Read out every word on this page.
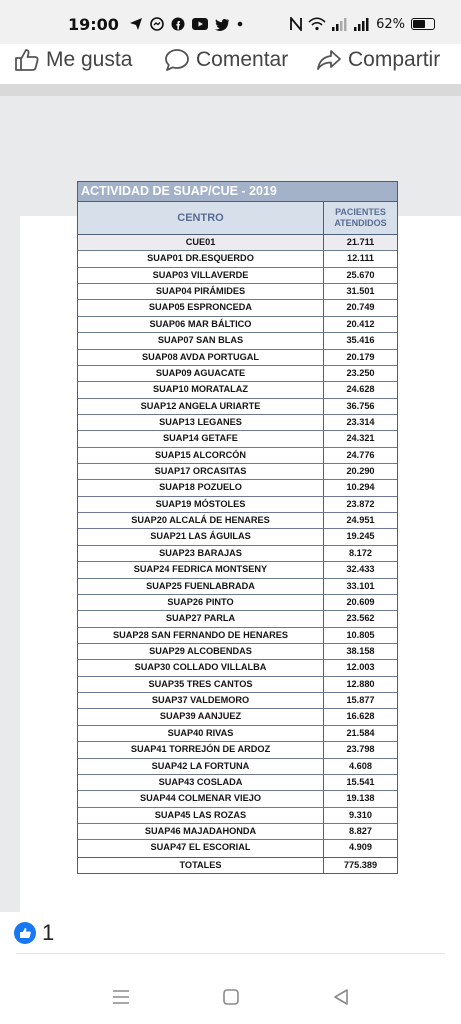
19:00	62%
Me gusta	Comentar	Compartir
ACTIVIDAD DE SUAP/CUE - 2019
CENTRO	PACIENTES
ATENDIDOS
CUE01	21.711
SUAP01 DR.ESQUERDO	12.111
SUAP03 VILLAVERDE	25.670
SUAP04 PIRÁMIDES	31.501
SUAP05 ESPRONCEDA	20.749
SUAP06 MAR BÁLTICO	20.412
SUAP07 SAN BLAS	35.416
SUAP08 AVDA PORTUGAL	20.179
SUAP09 AGUACATE	23.250
SUAP10 MORATALAZ	24.628
SUAP12 ANGELA URIARTE	36.756
SUAP13 LEGANES	23.314
SUAP14 GETAFE	24.321
SUAP15 ALCORCÓN	24.776
SUAP17 ORCASITAS	20.290
SUAP18 POZUELO	10.294
SUAP19 MÓSTOLES	23.872
SUAP20 ALCALÁ DE HENARES	24.951
SUAP21 LAS ÁGUILAS	19.245
SUAP23 BARAJAS	8.172
SUAP24 FEDRICA MONTSENY	32.433
SUAP25 FUENLABRADA	33.101
SUAP26 PINTO	20.609
SUAP27 PARLA	23.562
SUAP28 SAN FERNANDO DE HENARES	10.805
SUAP29 ALCOBENDAS	38.158
SUAP30 COLLADO VILLALBA	12.003
SUAP35 TRES CANTOS	12.880
SUAP37 VALDEMORO	15.877
SUAP39 AANJUEZ	16.628
SUAP40 RIVAS	21.584
SUAP41 TORREJÓN DE ARDOZ	23.798
SUAP42 LA FORTUNA	4.608
SUAP43 COSLADA	15.541
SUAP44 COLMENAR VIEJO	19.138
SUAP45 LAS ROZAS	9.310
SUAP46 MAJADAHONDA	8.827
SUAP47 EL ESCORIAL	4.909
TOTALES	775.389
1
